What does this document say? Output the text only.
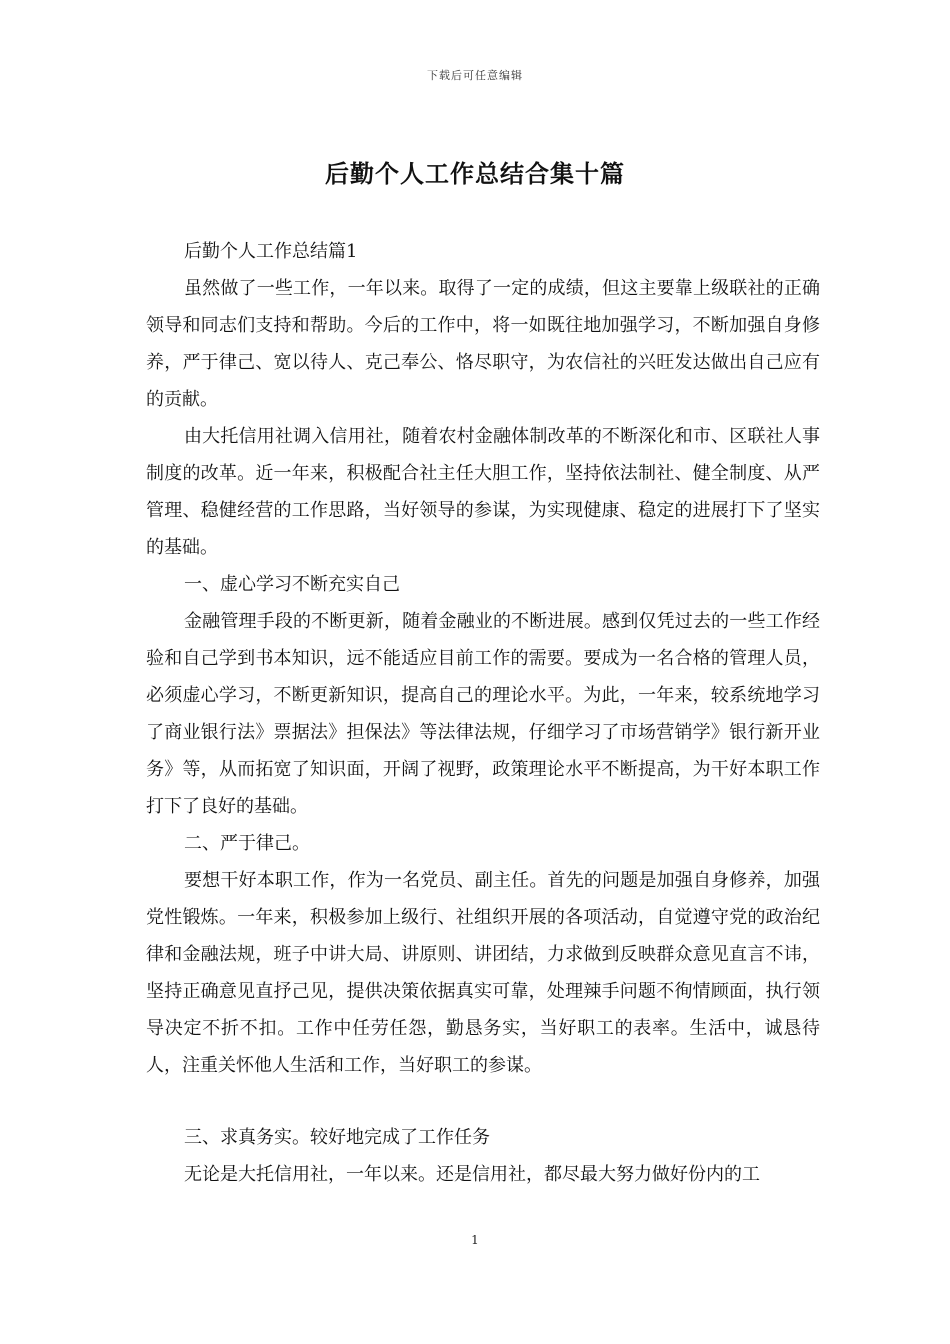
下载后可任意编辑
后勤个人工作总结合集十篇

后勤个人工作总结篇1

虽然做了一些工作，一年以来。取得了一定的成绩，但这主要靠上级联社的正确领导和同志们支持和帮助。今后的工作中，将一如既往地加强学习，不断加强自身修养，严于律己、宽以待人、克己奉公、恪尽职守，为农信社的兴旺发达做出自己应有的贡献。

由大托信用社调入信用社，随着农村金融体制改革的不断深化和市、区联社人事制度的改革。近一年来，积极配合社主任大胆工作，坚持依法制社、健全制度、从严管理、稳健经营的工作思路，当好领导的参谋，为实现健康、稳定的进展打下了坚实的基础。

一、虚心学习不断充实自己

金融管理手段的不断更新，随着金融业的不断进展。感到仅凭过去的一些工作经验和自己学到书本知识，远不能适应目前工作的需要。要成为一名合格的管理人员，必须虚心学习，不断更新知识，提高自己的理论水平。为此，一年来，较系统地学习了商业银行法》票据法》担保法》等法律法规，仔细学习了市场营销学》银行新开业务》等，从而拓宽了知识面，开阔了视野，政策理论水平不断提高，为干好本职工作打下了良好的基础。

二、严于律己。

要想干好本职工作，作为一名党员、副主任。首先的问题是加强自身修养，加强党性锻炼。一年来，积极参加上级行、社组织开展的各项活动，自觉遵守党的政治纪律和金融法规，班子中讲大局、讲原则、讲团结，力求做到反映群众意见直言不讳，坚持正确意见直抒己见，提供决策依据真实可靠，处理辣手问题不徇情顾面，执行领导决定不折不扣。工作中任劳任怨，勤恳务实，当好职工的表率。生活中，诚恳待人，注重关怀他人生活和工作，当好职工的参谋。

三、求真务实。较好地完成了工作任务

无论是大托信用社，一年以来。还是信用社，都尽最大努力做好份内的工

1
